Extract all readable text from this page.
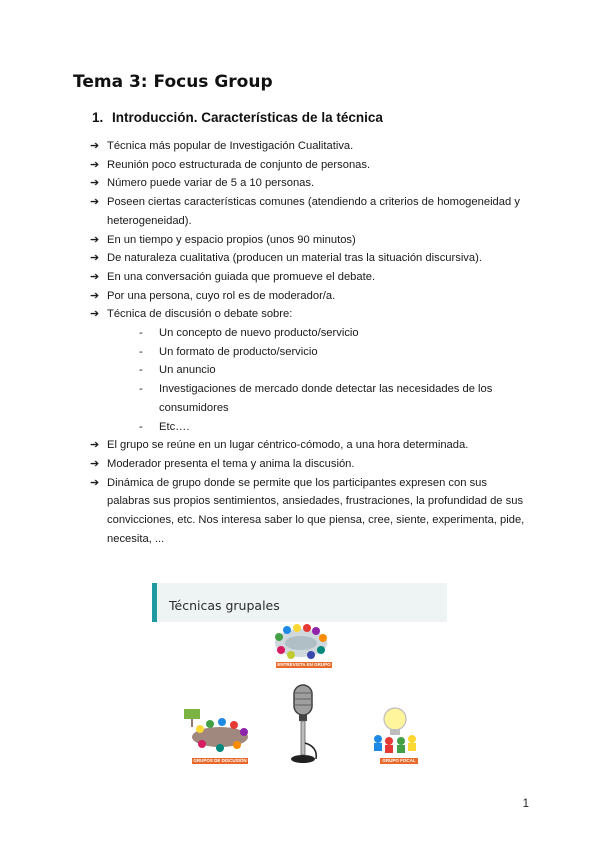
Tema 3: Focus Group
1. Introducción. Características de la técnica
➔ Técnica más popular de Investigación Cualitativa.
➔ Reunión poco estructurada de conjunto de personas.
➔ Número puede variar de 5 a 10 personas.
➔ Poseen ciertas características comunes (atendiendo a criterios de homogeneidad y heterogeneidad).
➔ En un tiempo y espacio propios (unos 90 minutos)
➔ De naturaleza cualitativa (producen un material tras la situación discursiva).
➔ En una conversación guiada que promueve el debate.
➔ Por una persona, cuyo rol es de moderador/a.
➔ Técnica de discusión o debate sobre:
- Un concepto de nuevo producto/servicio
- Un formato de producto/servicio
- Un anuncio
- Investigaciones de mercado donde detectar las necesidades de los consumidores
- Etc….
➔ El grupo se reúne en un lugar céntrico-cómodo, a una hora determinada.
➔ Moderador presenta el tema y anima la discusión.
➔ Dinámica de grupo donde se permite que los participantes expresen con sus palabras sus propios sentimientos, ansiedades, frustraciones, la profundidad de sus convicciones, etc. Nos interesa saber lo que piensa, cree, siente, experimenta, pide, necesita, ...
Técnicas grupales
ENTREVISTA EN GRUPO
GRUPOS DE DISCUSIÓN	GRUPO FOCAL
1
